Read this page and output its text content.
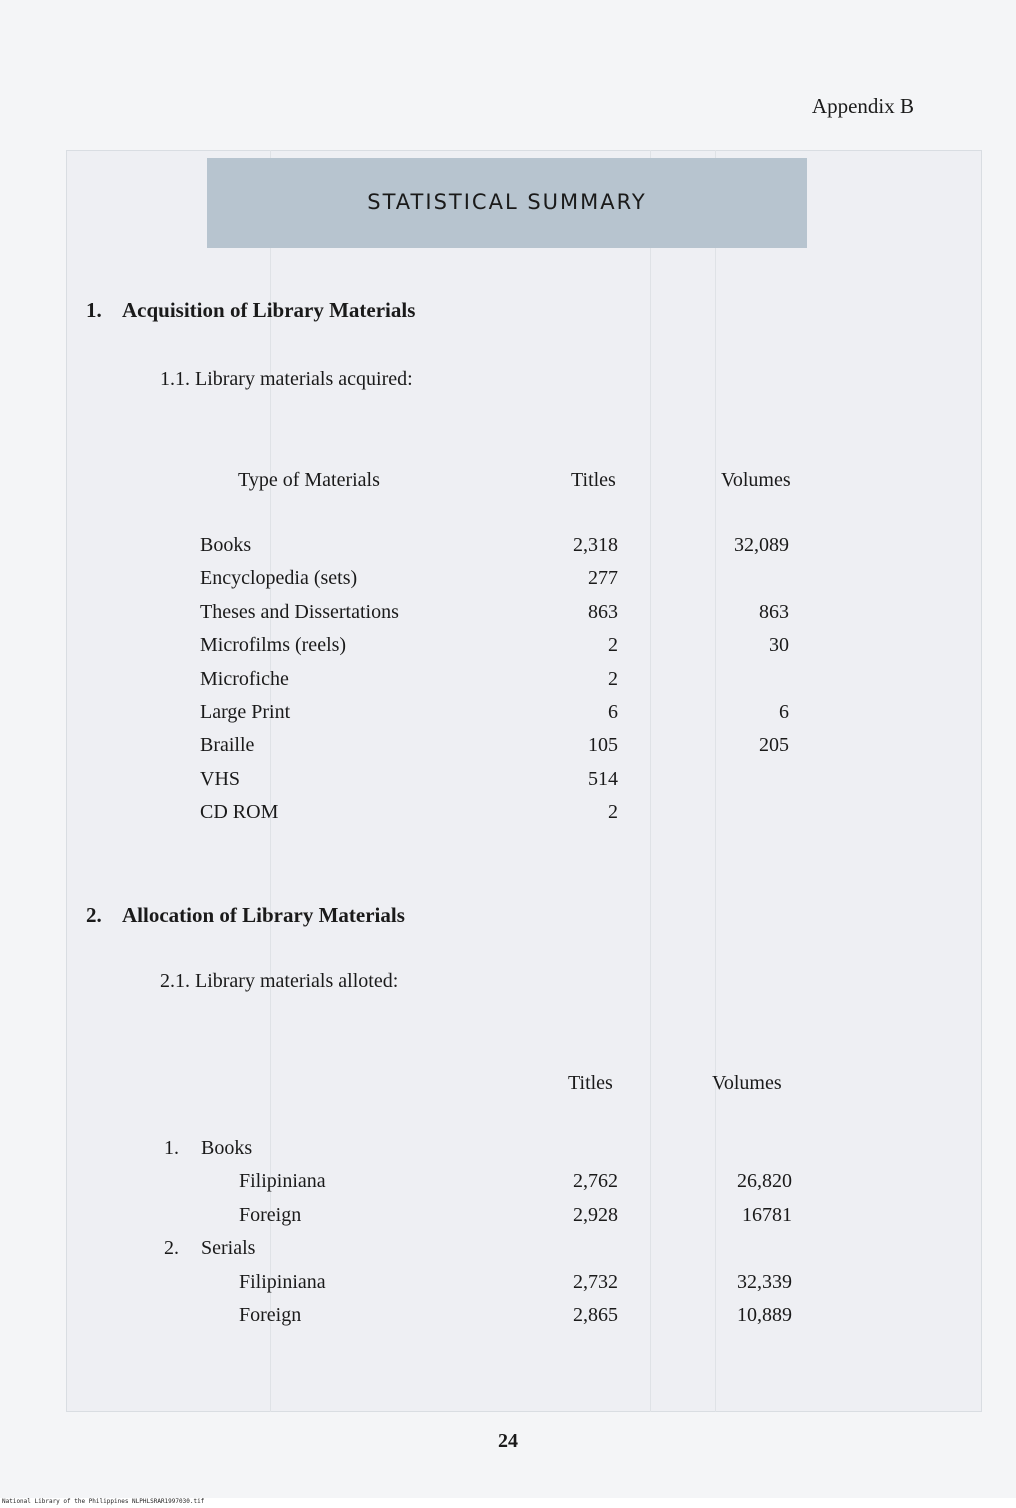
Appendix B
STATISTICAL SUMMARY
1. Acquisition of Library Materials
1.1. Library materials acquired:
Type of Materials	Titles	Volumes
Books	2,318	32,089
Encyclopedia (sets)	277
Theses and Dissertations	863	863
Microfilms (reels)	2	30
Microfiche	2
Large Print	6	6
Braille	105	205
VHS	514
CD ROM	2
2. Allocation of Library Materials
2.1. Library materials alloted:
Titles	Volumes
1. Books
Filipiniana	2,762	26,820
Foreign	2,928	16781
2. Serials
Filipiniana	2,732	32,339
Foreign	2,865	10,889
24
National Library of the Philippines NLPHLSRAR1997030.tif
